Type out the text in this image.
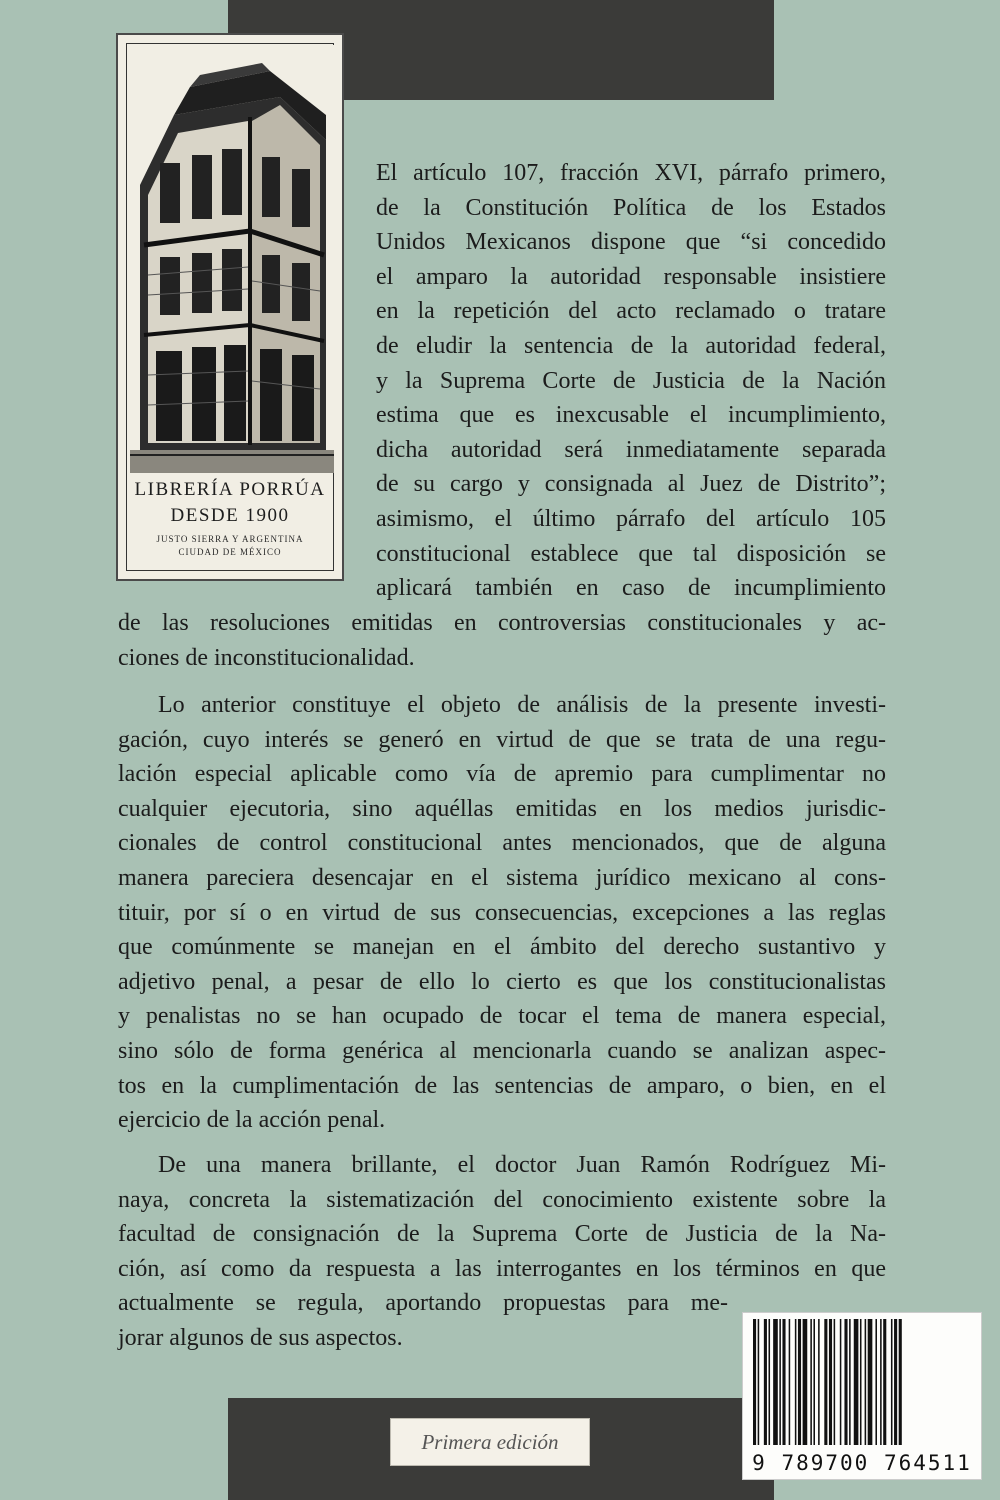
LIBRERÍA PORRÚA
DESDE 1900
JUSTO SIERRA Y ARGENTINA
CIUDAD DE MÉXICO
El artículo 107, fracción XVI, párrafo primero,
de la Constitución Política de los Estados
Unidos Mexicanos dispone que “si concedido
el amparo la autoridad responsable insistiere
en la repetición del acto reclamado o tratare
de eludir la sentencia de la autoridad federal,
y la Suprema Corte de Justicia de la Nación
estima que es inexcusable el incumplimiento,
dicha autoridad será inmediatamente separada
de su cargo y consignada al Juez de Distrito”;
asimismo, el último párrafo del artículo 105
constitucional establece que tal disposición se
aplicará también en caso de incumplimiento
de las resoluciones emitidas en controversias constitucionales y ac-
ciones de inconstitucionalidad.
Lo anterior constituye el objeto de análisis de la presente investi-
gación, cuyo interés se generó en virtud de que se trata de una regu-
lación especial aplicable como vía de apremio para cumplimentar no
cualquier ejecutoria, sino aquéllas emitidas en los medios jurisdic-
cionales de control constitucional antes mencionados, que de alguna
manera pareciera desencajar en el sistema jurídico mexicano al cons-
tituir, por sí o en virtud de sus consecuencias, excepciones a las reglas
que comúnmente se manejan en el ámbito del derecho sustantivo y
adjetivo penal, a pesar de ello lo cierto es que los constitucionalistas
y penalistas no se han ocupado de tocar el tema de manera especial,
sino sólo de forma genérica al mencionarla cuando se analizan aspec-
tos en la cumplimentación de las sentencias de amparo, o bien, en el
ejercicio de la acción penal.
De una manera brillante, el doctor Juan Ramón Rodríguez Mi-
naya, concreta la sistematización del conocimiento existente sobre la
facultad de consignación de la Suprema Corte de Justicia de la Na-
ción, así como da respuesta a las interrogantes en los términos en que
actualmente se regula, aportando propuestas para me-
jorar algunos de sus aspectos.
Primera edición
9 789700 764511
